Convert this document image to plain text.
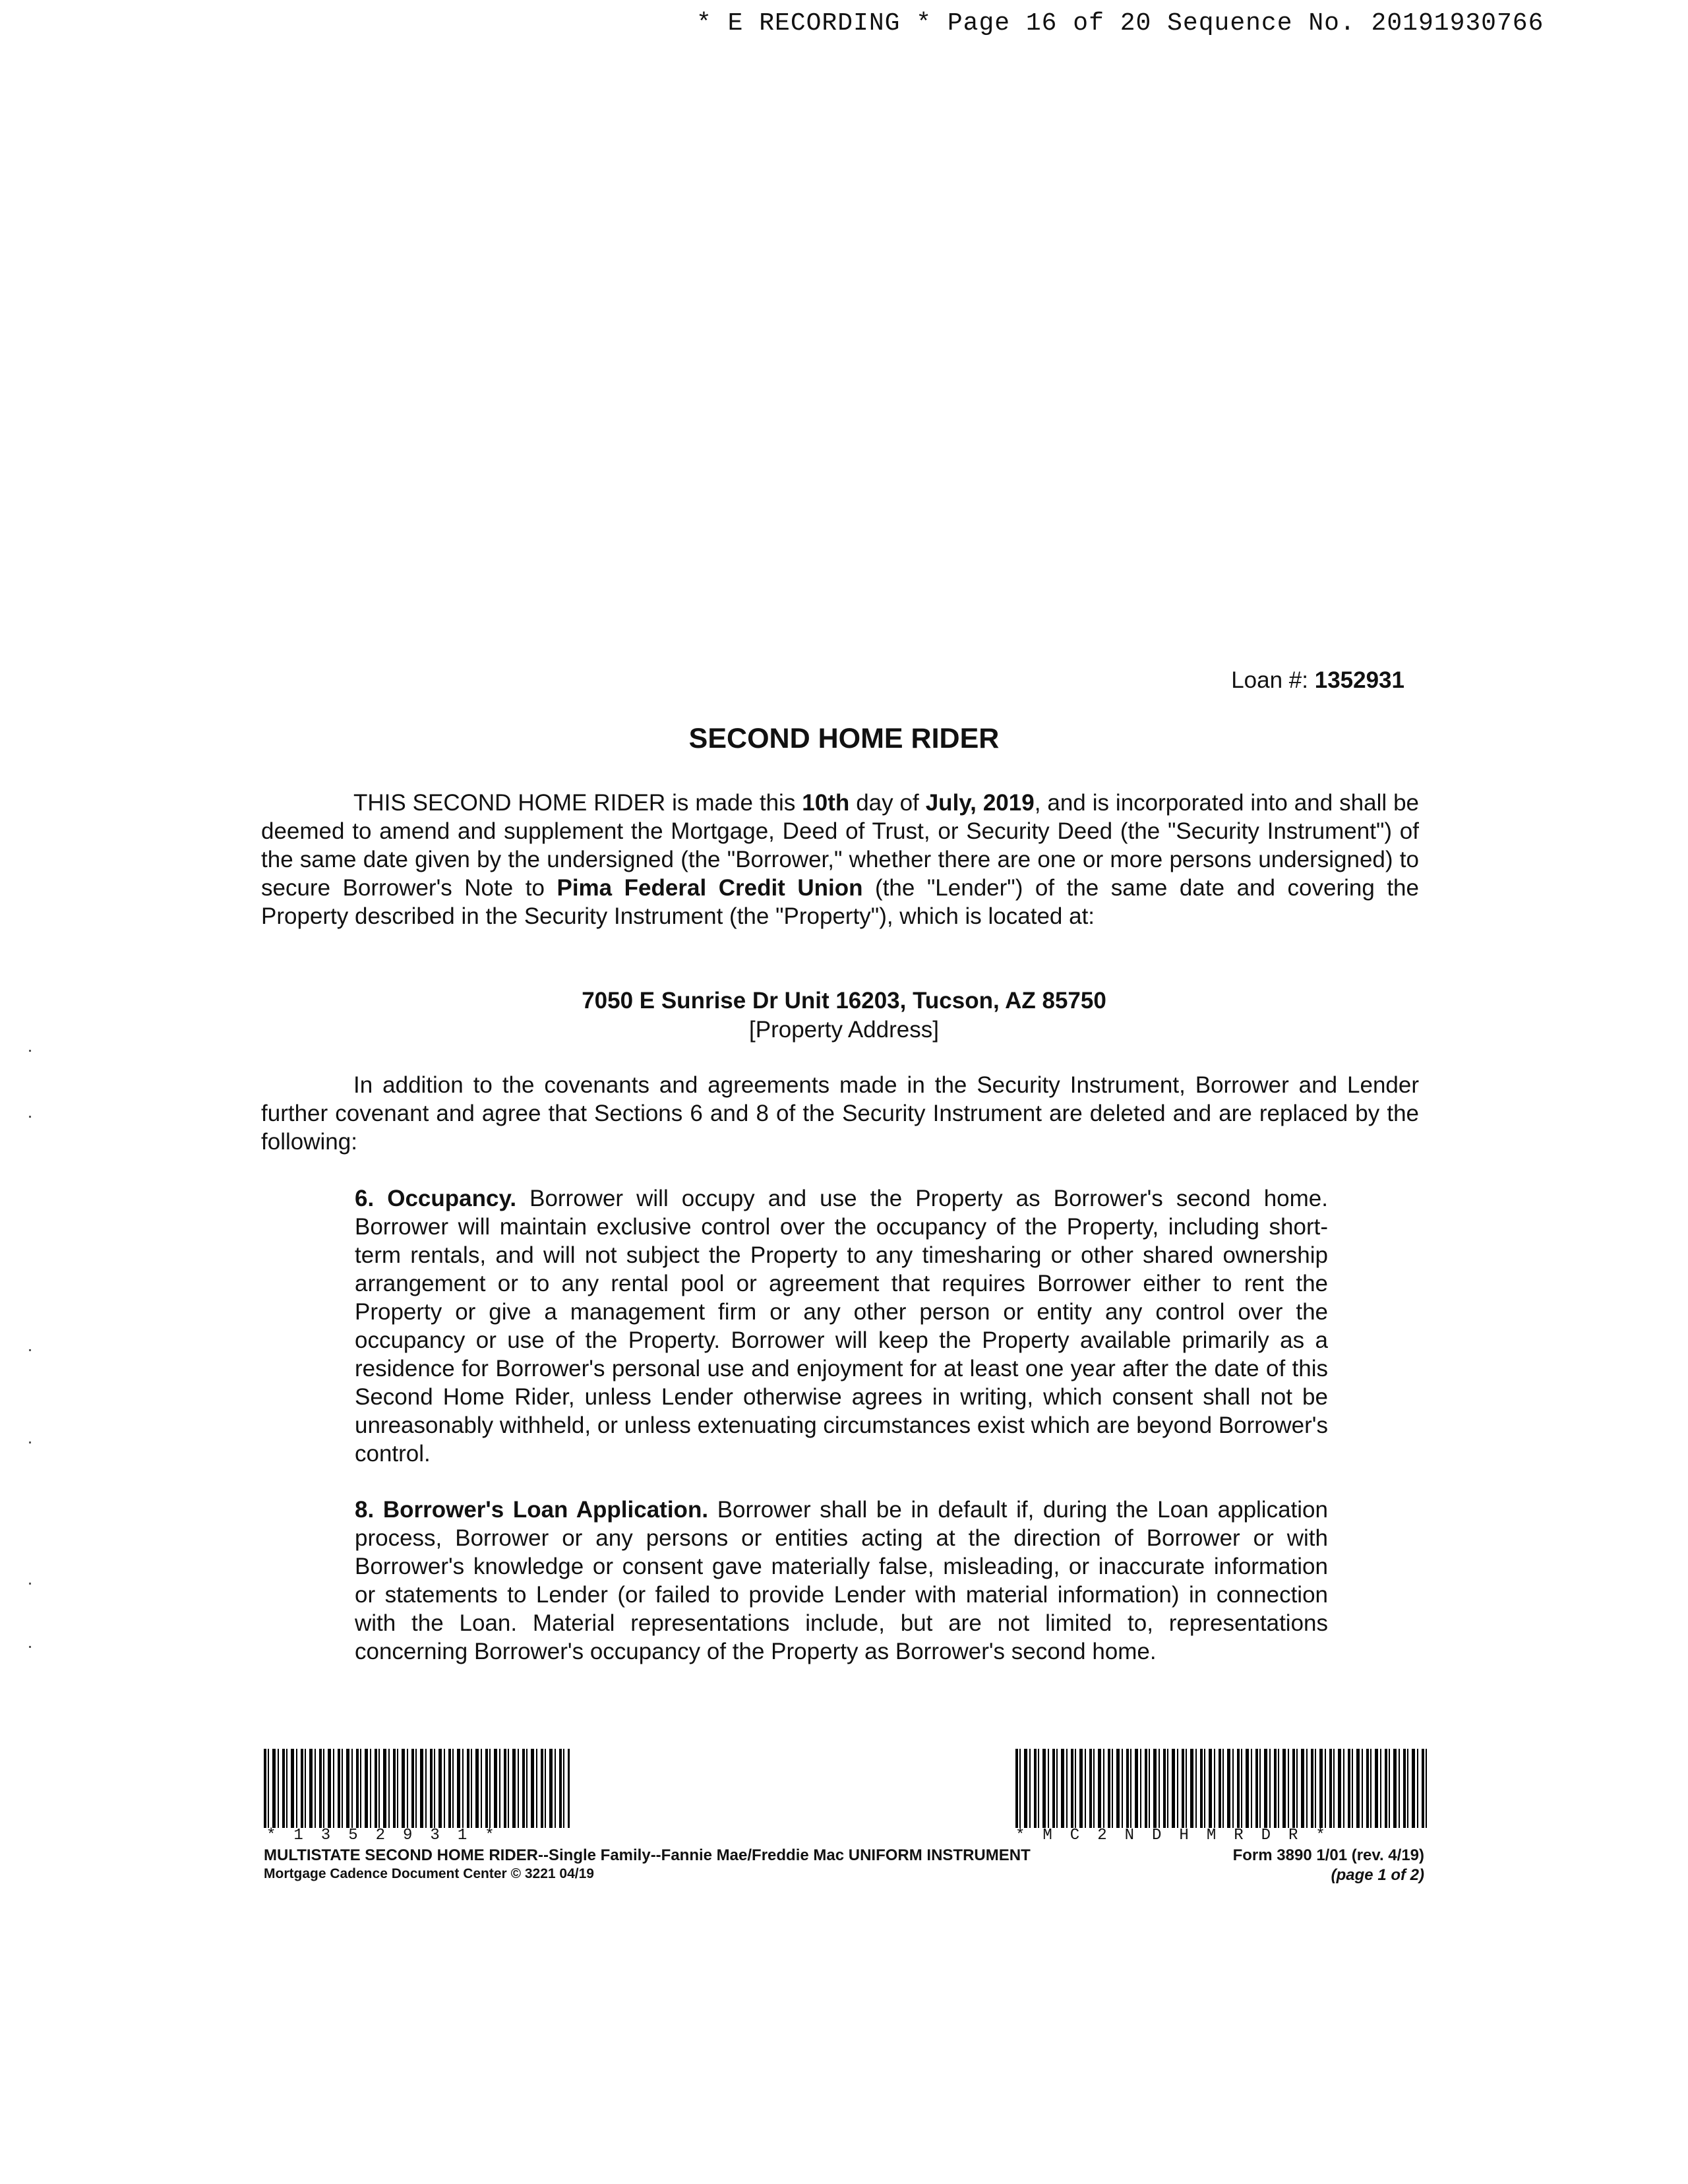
* E RECORDING * Page 16 of 20 Sequence No. 20191930766
Loan #: 1352931
SECOND HOME RIDER
THIS SECOND HOME RIDER is made this 10th day of July, 2019, and is incorporated into and shall be deemed to amend and supplement the Mortgage, Deed of Trust, or Security Deed (the "Security Instrument") of the same date given by the undersigned (the "Borrower," whether there are one or more persons undersigned) to secure Borrower's Note to Pima Federal Credit Union (the "Lender") of the same date and covering the Property described in the Security Instrument (the "Property"), which is located at:
7050 E Sunrise Dr Unit 16203, Tucson, AZ 85750
[Property Address]
In addition to the covenants and agreements made in the Security Instrument, Borrower and Lender further covenant and agree that Sections 6 and 8 of the Security Instrument are deleted and are replaced by the following:
6. Occupancy. Borrower will occupy and use the Property as Borrower's second home. Borrower will maintain exclusive control over the occupancy of the Property, including short-term rentals, and will not subject the Property to any timesharing or other shared ownership arrangement or to any rental pool or agreement that requires Borrower either to rent the Property or give a management firm or any other person or entity any control over the occupancy or use of the Property. Borrower will keep the Property available primarily as a residence for Borrower's personal use and enjoyment for at least one year after the date of this Second Home Rider, unless Lender otherwise agrees in writing, which consent shall not be unreasonably withheld, or unless extenuating circumstances exist which are beyond Borrower's control.
8. Borrower's Loan Application. Borrower shall be in default if, during the Loan application process, Borrower or any persons or entities acting at the direction of Borrower or with Borrower's knowledge or consent gave materially false, misleading, or inaccurate information or statements to Lender (or failed to provide Lender with material information) in connection with the Loan. Material representations include, but are not limited to, representations concerning Borrower's occupancy of the Property as Borrower's second home.
*1352931*	*MC2NDHMRDR*
MULTISTATE SECOND HOME RIDER--Single Family--Fannie Mae/Freddie Mac UNIFORM INSTRUMENT	Form 3890 1/01 (rev. 4/19)
Mortgage Cadence Document Center © 3221 04/19	(page 1 of 2)
